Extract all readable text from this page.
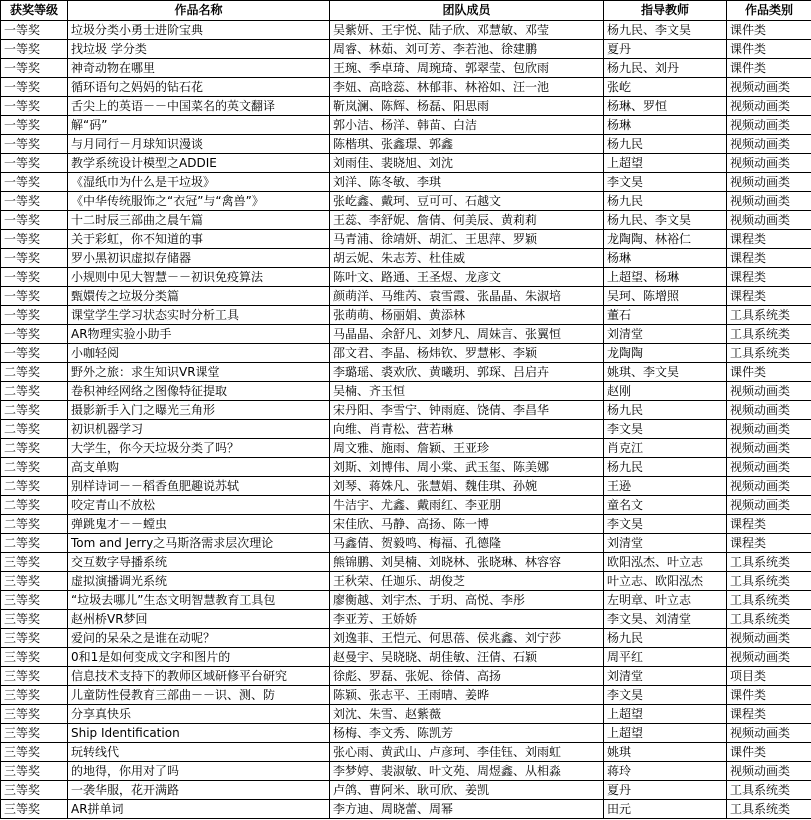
获奖等级	作品名称	团队成员	指导教师	作品类别
一等奖	垃圾分类小勇士进阶宝典	吴紫妍、王宇悦、陆子欣、邓慧敏、邓莹	杨九民、李文昊	课件类
一等奖	找垃圾 学分类	周睿、林茹、刘可芳、李若池、徐建鹏	夏丹	课件类
一等奖	神奇动物在哪里	王琬、季卓琦、周琬琦、郭翠莹、包欣雨	杨九民、刘丹	课件类
一等奖	循环语句之妈妈的钻石花	李妞、高晗蕊、林郁菲、林裕如、汪一池	张屹	视频动画类
一等奖	舌尖上的英语－－中国菜名的英文翻译	靳岚澜、陈辉、杨磊、阳思雨	杨琳、罗恒	视频动画类
一等奖	解“码”	郭小洁、杨洋、韩苗、白洁	杨琳	视频动画类
一等奖	与月同行－月球知识漫谈	陈楷琪、张鑫璟、郭鑫	杨九民	视频动画类
一等奖	教学系统设计模型之ADDIE	刘雨佳、裴晓旭、刘沈	上超望	视频动画类
一等奖	《湿纸巾为什么是干垃圾》	刘洋、陈冬敏、李琪	李文昊	视频动画类
一等奖	《中华传统服饰之“衣冠”与“禽兽”》	张屹鑫、戴珂、豆可可、石越文	杨九民	视频动画类
一等奖	十二时辰三部曲之晨午篇	王蕊、李舒妮、詹倩、何美辰、黄莉莉	杨九民、李文昊	视频动画类
一等奖	关于彩虹，你不知道的事	马青浦、徐靖妍、胡汇、王思萍、罗颖	龙陶陶、林裕仁	课程类
一等奖	罗小黑初识虚拟存储器	胡云妮、朱志芳、杜佳威	杨琳	课程类
一等奖	小规则中见大智慧－－初识免疫算法	陈叶文、路通、王圣煜、龙彦文	上超望、杨琳	课程类
一等奖	甄嬛传之垃圾分类篇	颜萌洋、马维芮、袁雪霞、张晶晶、朱淑培	吴珂、陈增照	课程类
一等奖	课堂学生学习状态实时分析工具	张萌萌、杨丽娟、黄添林	董石	工具系统类
一等奖	AR物理实验小助手	马晶晶、余舒凡、刘梦凡、周妹言、张翼恒	刘清堂	工具系统类
一等奖	小咖轻阅	邵文君、李晶、杨炜钦、罗慧彬、李颖	龙陶陶	工具系统类
二等奖	野外之旅：求生知识VR课堂	李璐瑶、裘欢欣、黄曦玥、郭琛、吕启卉	姚琪、李文昊	课件类
二等奖	卷积神经网络之图像特征提取	吴楠、齐玉恒	赵刚	视频动画类
二等奖	摄影新手入门之曝光三角形	宋丹阳、李雪宁、钟雨庭、饶倩、李昌华	杨九民	视频动画类
二等奖	初识机器学习	向维、肖青松、营若琳	李文昊	视频动画类
二等奖	大学生，你今天垃圾分类了吗？	周文雅、施雨、詹颖、王亚珍	肖克江	视频动画类
二等奖	高支单购	刘斯、刘博伟、周小棠、武玉玺、陈美娜	杨九民	视频动画类
二等奖	别样诗词－－稻香鱼肥趣说苏轼	刘琴、蒋姝凡、张慧娟、魏佳琪、孙婉	王逊	视频动画类
二等奖	咬定青山不放松	牛洁宇、尤鑫、戴雨红、李亚朋	童名文	视频动画类
二等奖	弹跳鬼才－－螳虫	宋佳欣、马静、高扬、陈一博	李文昊	课程类
二等奖	Tom and Jerry之马斯洛需求层次理论	马鑫倩、贺毅鸣、梅福、孔德隆	刘清堂	课程类
三等奖	交互数字导播系统	熊锦鹏、刘昊楠、刘晓林、张晓琳、林容容	欧阳泓杰、叶立志	工具系统类
三等奖	虚拟演播调光系统	王秋荣、任迦乐、胡俊芝	叶立志、欧阳泓杰	工具系统类
三等奖	“垃圾去哪儿”生态文明智慧教育工具包	廖衡越、刘宇杰、于玥、高悦、李彤	左明章、叶立志	工具系统类
三等奖	赵州桥VR梦回	李亚芳、王娇娇	李文昊、刘清堂	工具系统类
三等奖	爱问的呆朵之是谁在动呢？	刘逸菲、王恺元、何思蓓、侯兆鑫、刘宁莎	杨九民	视频动画类
三等奖	0和1是如何变成文字和图片的	赵曼宇、吴晓晓、胡佳敏、汪倩、石颖	周平红	视频动画类
三等奖	信息技术支持下的教师区域研修平台研究	徐彪、罗磊、张妮、徐倩、高扬	刘清堂	项目类
三等奖	儿童防性侵教育三部曲－－识、测、防	陈颖、张志平、王雨晴、姜晔	李文昊	课件类
三等奖	分享真快乐	刘沈、朱雪、赵紫薇	上超望	课程类
三等奖	Ship Identification	杨梅、李文秀、陈凯芳	上超望	视频动画类
三等奖	玩转线代	张心雨、黄武山、卢彦珂、李佳钰、刘雨虹	姚琪	课件类
三等奖	的地得，你用对了吗	李梦婷、裴淑敏、叶文苑、周煜鑫、从相淼	蒋玲	视频动画类
三等奖	一袭华服，花开满路	卢鸽、曹阿米、耿可欣、姜凯	夏丹	工具系统类
三等奖	AR拼单词	李方迪、周晓蕾、周幂	田元	工具系统类
